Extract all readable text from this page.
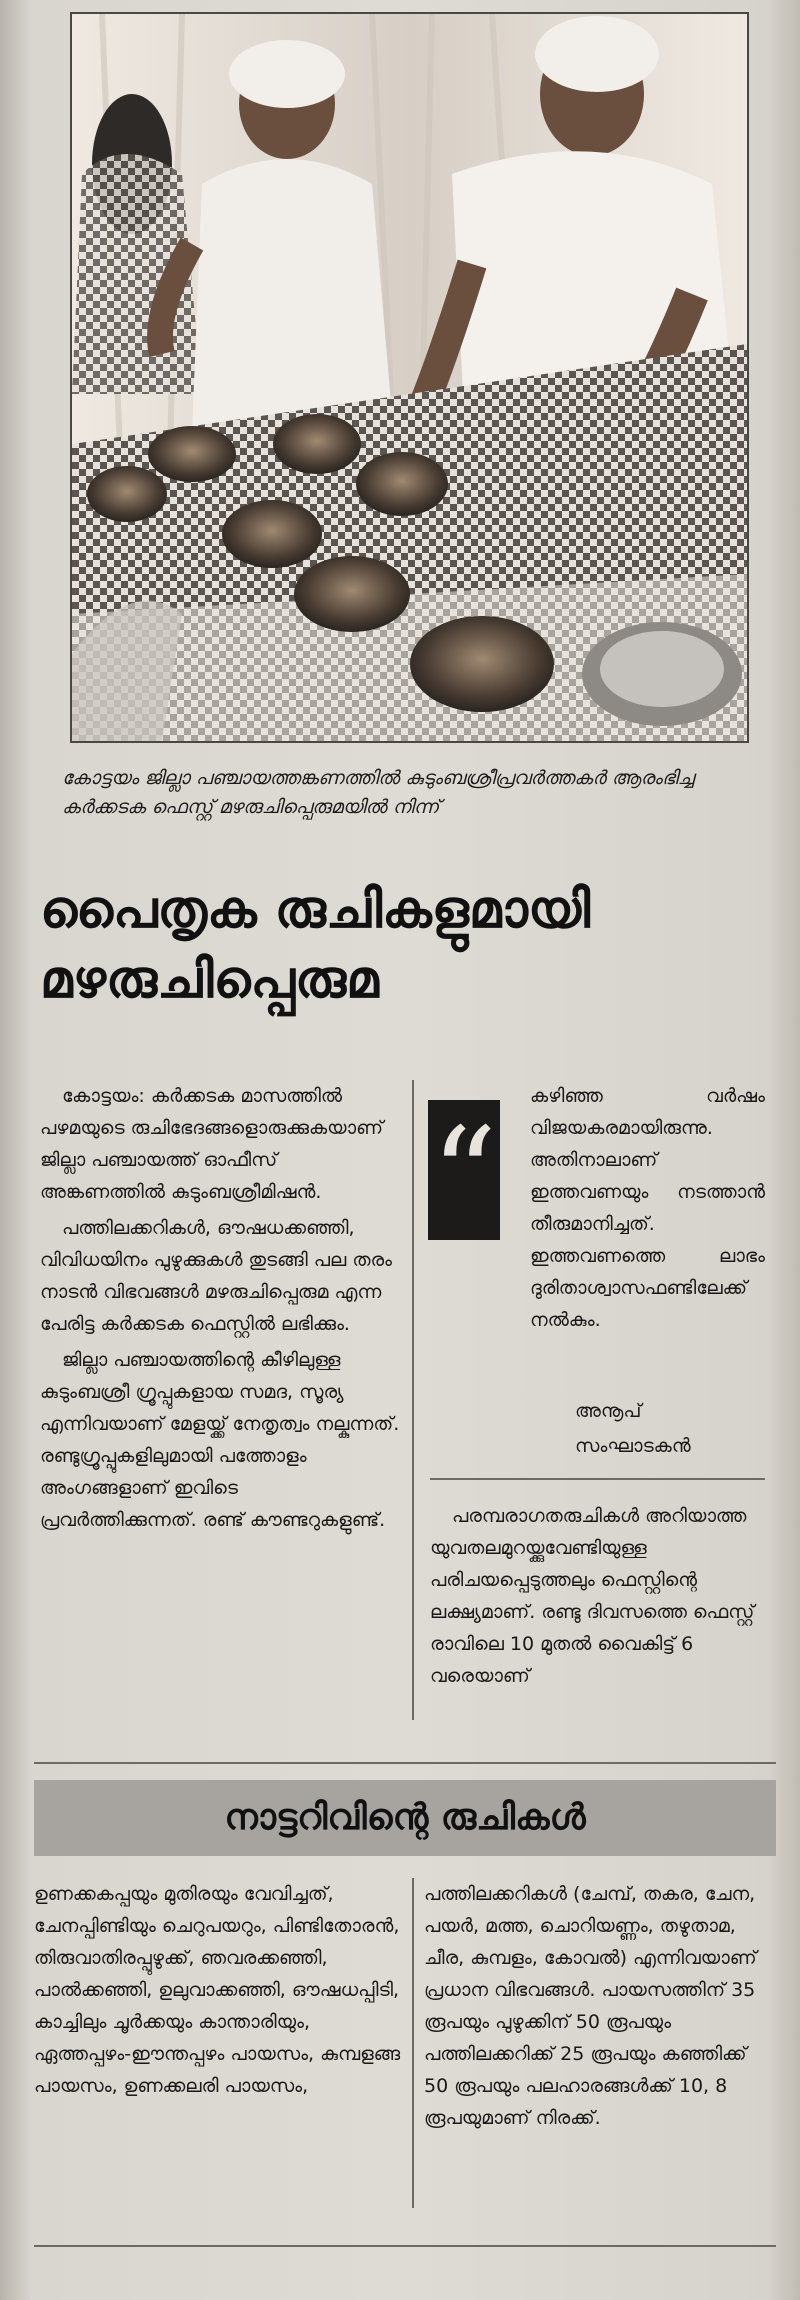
കോട്ടയം ജില്ലാ പഞ്ചായത്തങ്കണത്തിൽ കുടുംബശ്രീപ്രവർത്തകർ ആരംഭിച്ച കർക്കടക ഫെസ്റ്റ് മഴരുചിപ്പെരുമയിൽ നിന്ന്
പൈതൃക രുചികളുമായി
മഴരുചിപ്പെരുമ

കോട്ടയം: കർക്കടക മാസത്തിൽ പഴമയുടെ രുചിഭേദങ്ങളൊരുക്കുകയാണ് ജില്ലാ പഞ്ചായത്ത് ഓഫീസ് അങ്കണത്തിൽ കുടുംബശ്രീമിഷൻ.

പത്തിലക്കറികൾ, ഔഷധക്കഞ്ഞി, വിവിധയിനം പുഴുക്കുകൾ തുടങ്ങി പല തരം നാടൻ വിഭവങ്ങൾ മഴരുചിപ്പെരുമ എന്ന പേരിട്ട കർക്കടക ഫെസ്റ്റിൽ ലഭിക്കും.

ജില്ലാ പഞ്ചായത്തിന്റെ കീഴിലുള്ള കുടുംബശ്രീ ഗ്രൂപ്പുകളായ സമദ, സൂര്യ എന്നിവയാണ് മേളയ്ക്ക് നേതൃത്വം നല്കുന്നത്. രണ്ടുഗ്രൂപ്പുകളിലുമായി പത്തോളം അംഗങ്ങളാണ് ഇവിടെ പ്രവർത്തിക്കുന്നത്. രണ്ട് കൗണ്ടറുകളുണ്ട്.

“
കഴിഞ്ഞ വർഷം വിജയകരമായിരുന്നു. അതിനാലാണ് ഇത്തവണയും നടത്താൻ തീരുമാനിച്ചത്. ഇത്തവണത്തെ ലാഭം ദുരിതാശ്വാസഫണ്ടിലേക്ക് നൽകും.
അനൂപ്
സംഘാടകൻ

പരമ്പരാഗതരുചികൾ അറിയാത്ത യുവതലമുറയ്ക്കുവേണ്ടിയുള്ള പരിചയപ്പെടുത്തലും ഫെസ്റ്റിന്റെ ലക്ഷ്യമാണ്. രണ്ടു ദിവസത്തെ ഫെസ്റ്റ് രാവിലെ 10 മുതൽ വൈകിട്ട് 6 വരെയാണ്

നാട്ടറിവിന്റെ രുചികൾ

ഉണക്കകപ്പയും മുതിരയും വേവിച്ചത്, ചേനപ്പിണ്ടിയും ചെറുപയറും, പിണ്ടിതോരൻ, തിരുവാതിരപ്പുഴുക്ക്, ഞവരക്കഞ്ഞി, പാൽക്കഞ്ഞി, ഉലുവാക്കഞ്ഞി, ഔഷധപ്പിടി, കാച്ചിലും ചൂർക്കയും കാന്താരിയും, ഏത്തപ്പഴം-ഈന്തപ്പഴം പായസം, കുമ്പളങ്ങ പായസം, ഉണക്കലരി പായസം,

പത്തിലക്കറികൾ (ചേമ്പ്, തകര, ചേന, പയർ, മത്ത, ചൊറിയണ്ണം, തഴുതാമ, ചീര, കുമ്പളം, കോവൽ) എന്നിവയാണ് പ്രധാന വിഭവങ്ങൾ. പായസത്തിന് 35 രൂപയും പുഴുക്കിന് 50 രൂപയും പത്തിലക്കറിക്ക് 25 രൂപയും കഞ്ഞിക്ക് 50 രൂപയും പലഹാരങ്ങൾക്ക് 10, 8 രൂപയുമാണ് നിരക്ക്.
